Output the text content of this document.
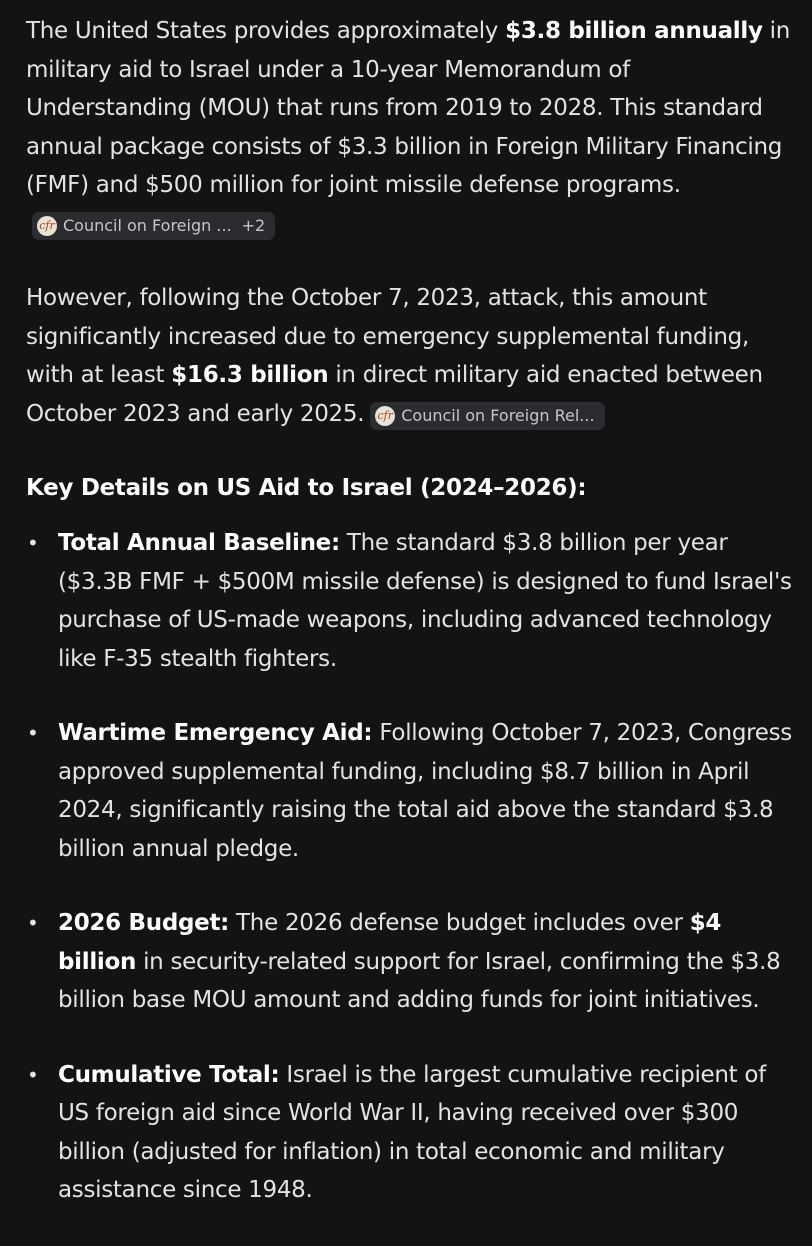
The United States provides approximately $3.8 billion annually in military aid to Israel under a 10-year Memorandum of Understanding (MOU) that runs from 2019 to 2028. This standard annual package consists of $3.3 billion in Foreign Military Financing (FMF) and $500 million for joint missile defense programs.
cfr Council on Foreign ... +2

However, following the October 7, 2023, attack, this amount significantly increased due to emergency supplemental funding, with at least $16.3 billion in direct military aid enacted between October 2023 and early 2025. cfr Council on Foreign Rel...

Key Details on US Aid to Israel (2024–2026):
• Total Annual Baseline: The standard $3.8 billion per year ($3.3B FMF + $500M missile defense) is designed to fund Israel's purchase of US-made weapons, including advanced technology like F-35 stealth fighters.
• Wartime Emergency Aid: Following October 7, 2023, Congress approved supplemental funding, including $8.7 billion in April 2024, significantly raising the total aid above the standard $3.8 billion annual pledge.
• 2026 Budget: The 2026 defense budget includes over $4 billion in security-related support for Israel, confirming the $3.8 billion base MOU amount and adding funds for joint initiatives.
• Cumulative Total: Israel is the largest cumulative recipient of US foreign aid since World War II, having received over $300 billion (adjusted for inflation) in total economic and military assistance since 1948.
